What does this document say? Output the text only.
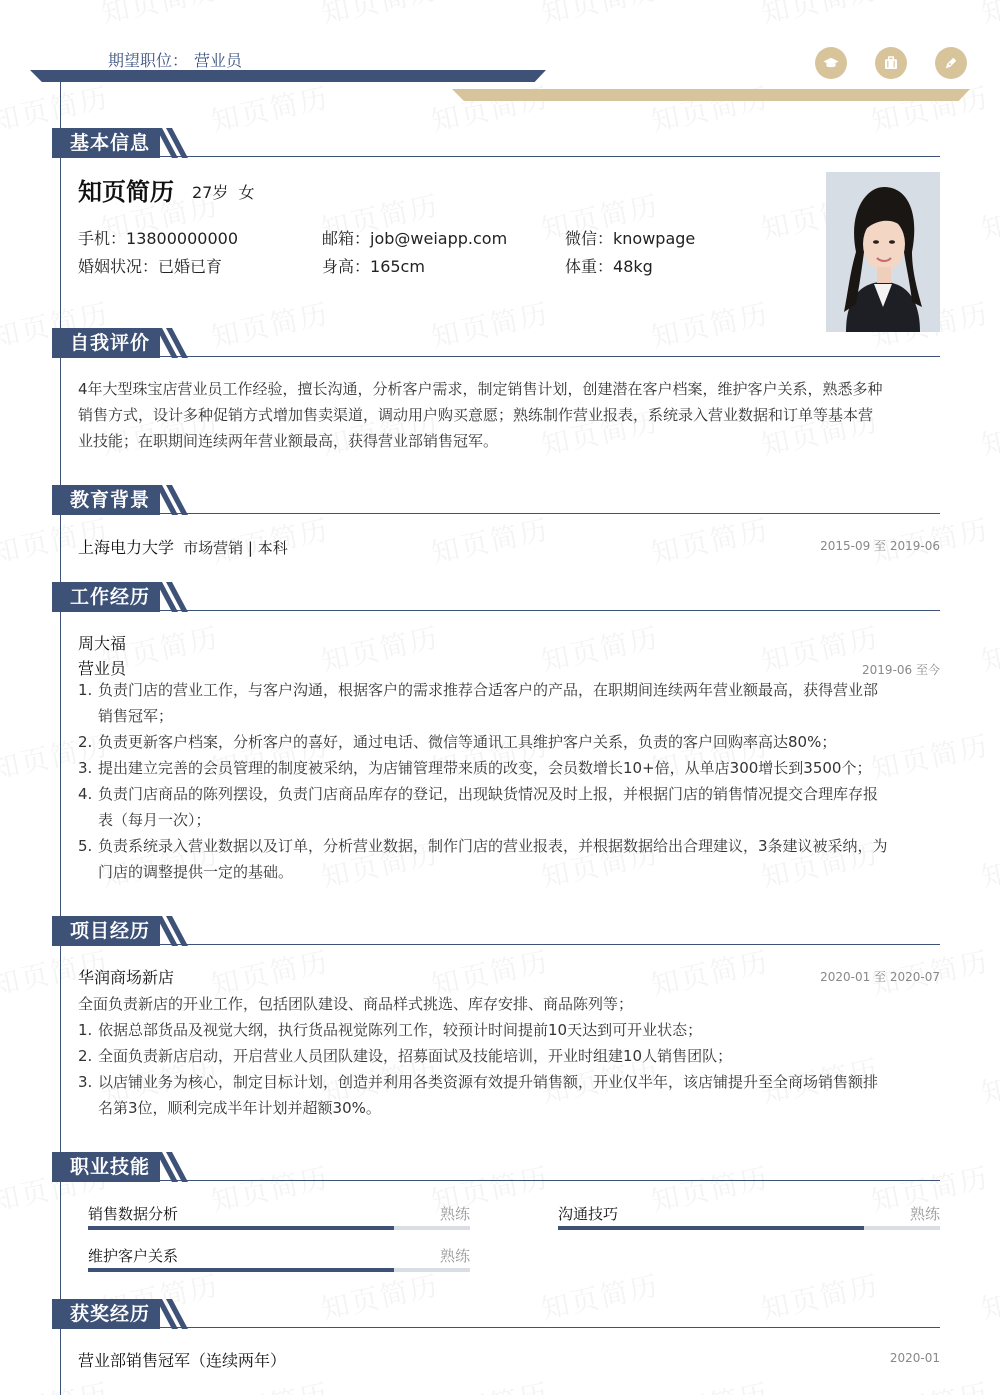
期望职位： 营业员
基本信息
知页简历 27岁 女
手机：13800000000	邮箱：job@weiapp.com	微信：knowpage
婚姻状况：已婚已育	身高：165cm	体重：48kg
自我评价
4年大型珠宝店营业员工作经验，擅长沟通，分析客户需求，制定销售计划，创建潜在客户档案，维护客户关系，熟悉多种
销售方式，设计多种促销方式增加售卖渠道，调动用户购买意愿；熟练制作营业报表，系统录入营业数据和订单等基本营
业技能；在职期间连续两年营业额最高，获得营业部销售冠军。
教育背景
上海电力大学 市场营销 | 本科	2015-09 至 2019-06
工作经历
周大福
营业员	2019-06 至今
1. 负责门店的营业工作，与客户沟通，根据客户的需求推荐合适客户的产品，在职期间连续两年营业额最高，获得营业部
销售冠军；
2. 负责更新客户档案，分析客户的喜好，通过电话、微信等通讯工具维护客户关系，负责的客户回购率高达80%；
3. 提出建立完善的会员管理的制度被采纳，为店铺管理带来质的改变，会员数增长10+倍，从单店300增长到3500个；
4. 负责门店商品的陈列摆设，负责门店商品库存的登记，出现缺货情况及时上报，并根据门店的销售情况提交合理库存报
表（每月一次）；
5. 负责系统录入营业数据以及订单，分析营业数据，制作门店的营业报表，并根据数据给出合理建议，3条建议被采纳，为
门店的调整提供一定的基础。
项目经历
华润商场新店	2020-01 至 2020-07
全面负责新店的开业工作，包括团队建设、商品样式挑选、库存安排、商品陈列等；
1. 依据总部货品及视觉大纲，执行货品视觉陈列工作，较预计时间提前10天达到可开业状态；
2. 全面负责新店启动，开启营业人员团队建设，招募面试及技能培训，开业时组建10人销售团队；
3. 以店铺业务为核心，制定目标计划，创造并利用各类资源有效提升销售额，开业仅半年，该店铺提升至全商场销售额排
名第3位，顺利完成半年计划并超额30%。
职业技能
销售数据分析	熟练	沟通技巧	熟练
维护客户关系	熟练
获奖经历
营业部销售冠军（连续两年）	2020-01
